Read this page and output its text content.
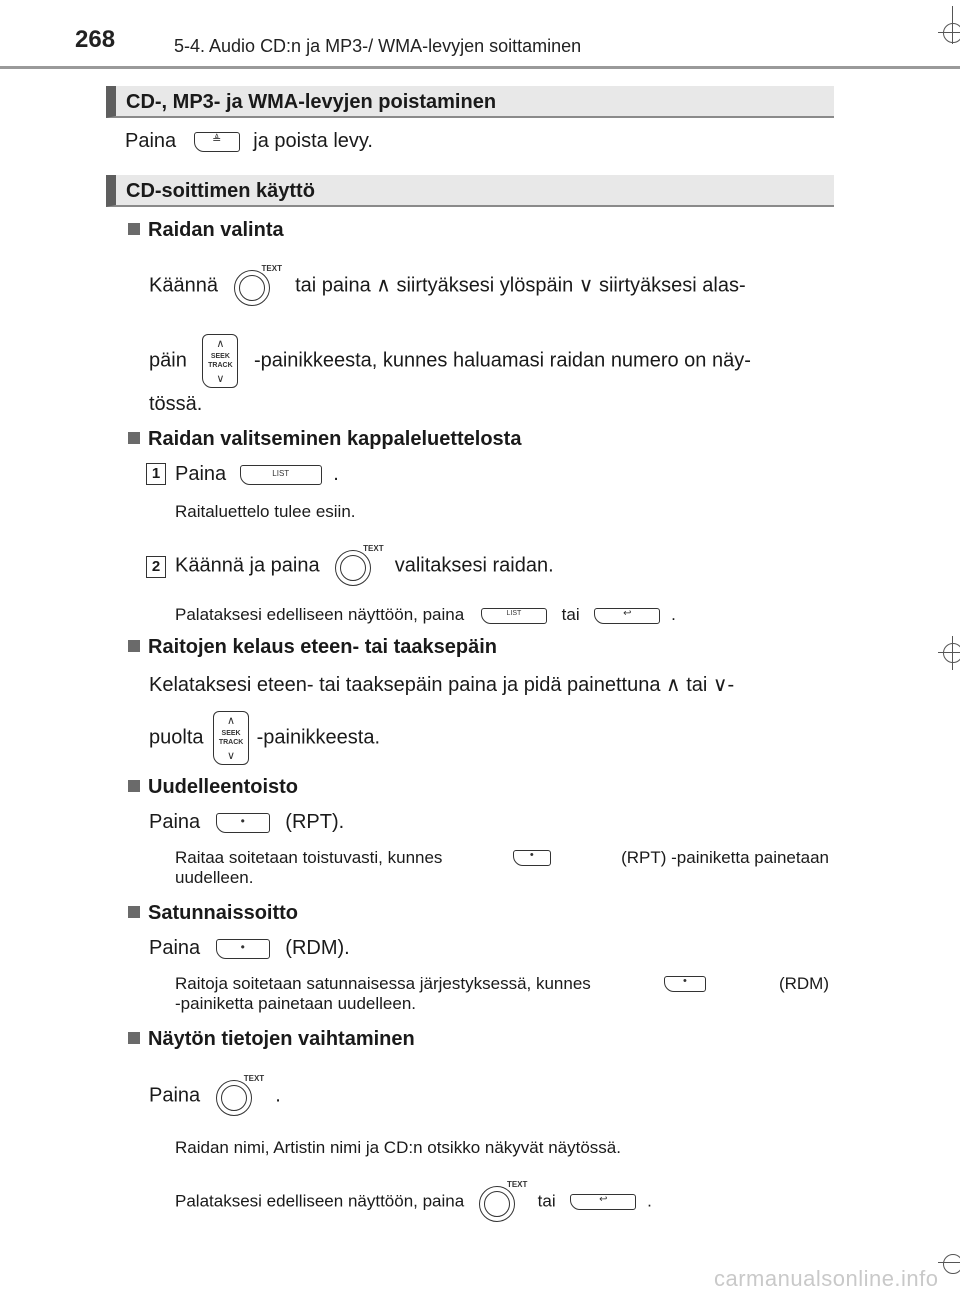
268	5-4. Audio CD:n ja MP3-/ WMA-levyjen soittaminen
CD-, MP3- ja WMA-levyjen poistaminen
Paina	≜	ja poista levy.
CD-soittimen käyttö
Raidan valinta
Käännä
TEXT
tai paina ∧ siirtyäksesi ylöspäin ∨ siirtyäksesi alas-
päin
∧
SEEK
TRACK
∨
-painikkeesta, kunnes haluamasi raidan numero on näy-
tössä.
Raidan valitseminen kappaleluettelosta
1 Paina	LIST	.
Raitaluettelo tulee esiin.
2 Käännä ja paina
TEXT
valitaksesi raidan.
Palataksesi edelliseen näyttöön, paina	LIST	tai	↩	.
Raitojen kelaus eteen- tai taaksepäin
Kelataksesi eteen- tai taaksepäin paina ja pidä painettuna ∧ tai ∨-
puolta
∧
SEEK
TRACK
∨
-painikkeesta.
Uudelleentoisto
Paina	•	(RPT).
Raitaa soitetaan toistuvasti, kunnes	•	(RPT) -painiketta painetaan
uudelleen.
Satunnaissoitto
Paina	•	(RDM).
Raitoja soitetaan satunnaisessa järjestyksessä, kunnes	•	(RDM)
-painiketta painetaan uudelleen.
Näytön tietojen vaihtaminen
Paina
TEXT
.
Raidan nimi, Artistin nimi ja CD:n otsikko näkyvät näytössä.
Palataksesi edelliseen näyttöön, paina
TEXT
tai	↩	.
carmanualsonline.info
